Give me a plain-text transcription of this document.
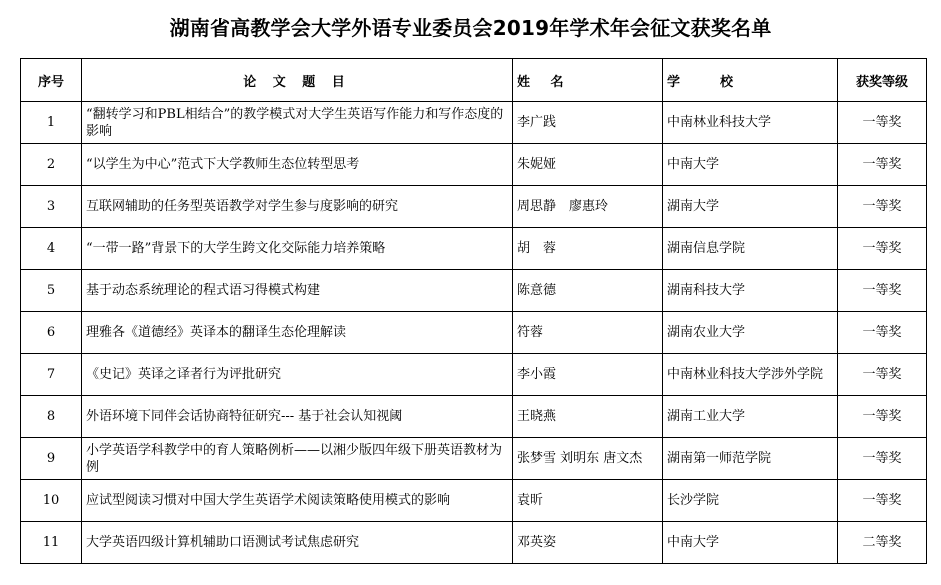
湖南省高教学会大学外语专业委员会2019年学术年会征文获奖名单
序号	论 文 题 目	姓 名	学 校	获奖等级
1	“翻转学习和PBL相结合”的教学模式对大学生英语写作能力和写作态度的影响	李广践	中南林业科技大学	一等奖
2	“以学生为中心”范式下大学教师生态位转型思考	朱妮娅	中南大学	一等奖
3	互联网辅助的任务型英语教学对学生参与度影响的研究	周思静　廖惠玲	湖南大学	一等奖
4	“一带一路”背景下的大学生跨文化交际能力培养策略	胡　蓉	湖南信息学院	一等奖
5	基于动态系统理论的程式语习得模式构建	陈意德	湖南科技大学	一等奖
6	理雅各《道德经》英译本的翻译生态伦理解读	符蓉	湖南农业大学	一等奖
7	《史记》英译之译者行为评批研究	李小霞	中南林业科技大学涉外学院	一等奖
8	外语环境下同伴会话协商特征研究--- 基于社会认知视阈	王晓燕	湖南工业大学	一等奖
9	小学英语学科教学中的育人策略例析——以湘少版四年级下册英语教材为例	张梦雪 刘明东 唐文杰	湖南第一师范学院	一等奖
10	应试型阅读习惯对中国大学生英语学术阅读策略使用模式的影响	袁昕	长沙学院	一等奖
11	大学英语四级计算机辅助口语测试考试焦虑研究	邓英姿	中南大学	二等奖
